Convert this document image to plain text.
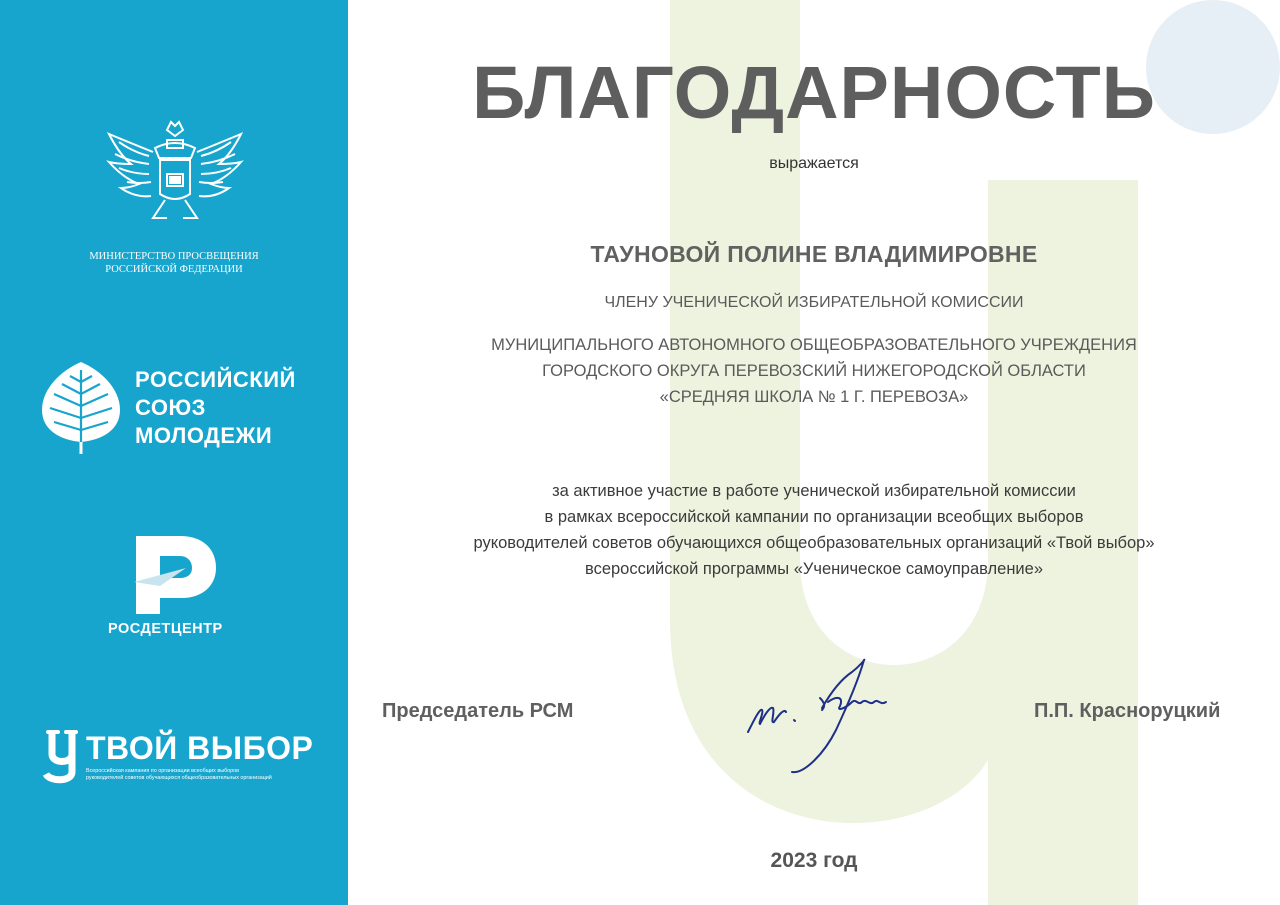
МИНИСТЕРСТВО ПРОСВЕЩЕНИЯ
РОССИЙСКОЙ ФЕДЕРАЦИИ
РОССИЙСКИЙ
СОЮЗ
МОЛОДЕЖИ
РОСДЕТЦЕНТР
ТВОЙ ВЫБОР
Всероссийская кампания по организации всеобщих выборов
руководителей советов обучающихся общеобразовательных организаций
БЛАГОДАРНОСТЬ
выражается
ТАУНОВОЙ ПОЛИНЕ ВЛАДИМИРОВНЕ
ЧЛЕНУ УЧЕНИЧЕСКОЙ ИЗБИРАТЕЛЬНОЙ КОМИССИИ
МУНИЦИПАЛЬНОГО АВТОНОМНОГО ОБЩЕОБРАЗОВАТЕЛЬНОГО УЧРЕЖДЕНИЯ
ГОРОДСКОГО ОКРУГА ПЕРЕВОЗСКИЙ НИЖЕГОРОДСКОЙ ОБЛАСТИ
«СРЕДНЯЯ ШКОЛА № 1 Г. ПЕРЕВОЗА»
за активное участие в работе ученической избирательной комиссии
в рамках всероссийской кампании по организации всеобщих выборов
руководителей советов обучающихся общеобразовательных организаций «Твой выбор»
всероссийской программы «Ученическое самоуправление»
2023 год
Председатель РСМ	П.П. Красноруцкий
